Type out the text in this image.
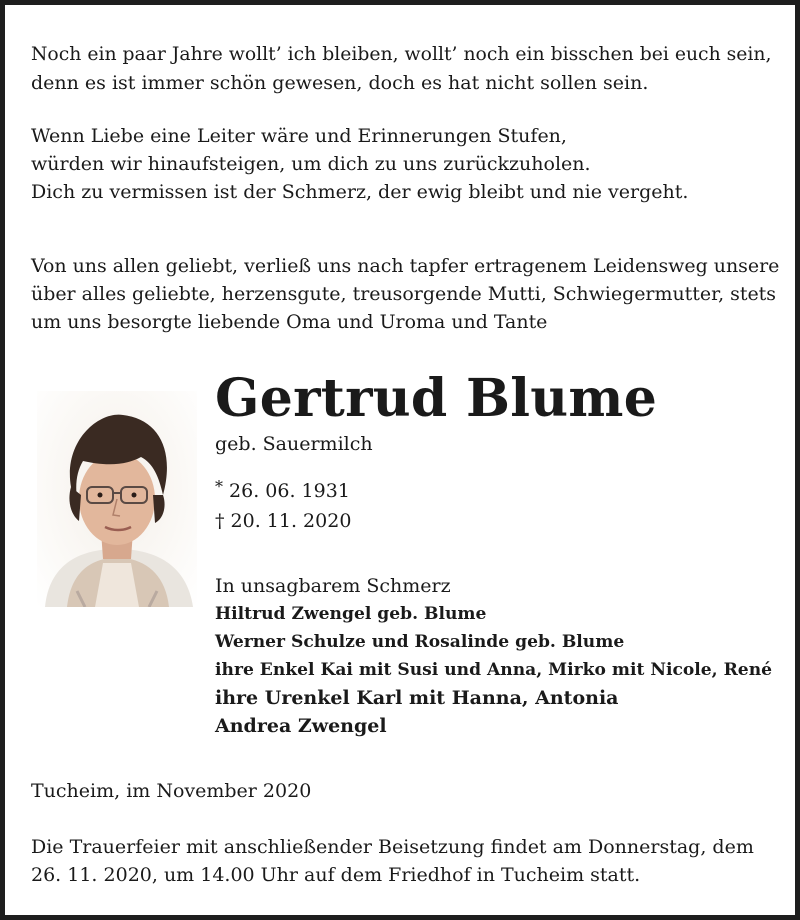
Noch ein paar Jahre wollt’ ich bleiben, wollt’ noch ein bisschen bei euch sein,
denn es ist immer schön gewesen, doch es hat nicht sollen sein.
Wenn Liebe eine Leiter wäre und Erinnerungen Stufen,
würden wir hinaufsteigen, um dich zu uns zurückzuholen.
Dich zu vermissen ist der Schmerz, der ewig bleibt und nie vergeht.
Von uns allen geliebt, verließ uns nach tapfer ertragenem Leidensweg unsere
über alles geliebte, herzensgute, treusorgende Mutti, Schwiegermutter, stets
um uns besorgte liebende Oma und Uroma und Tante
Gertrud Blume
geb. Sauermilch
* 26. 06. 1931
† 20. 11. 2020
In unsagbarem Schmerz
Hiltrud Zwengel geb. Blume
Werner Schulze und Rosalinde geb. Blume
ihre Enkel Kai mit Susi und Anna, Mirko mit Nicole, René
ihre Urenkel Karl mit Hanna, Antonia
Andrea Zwengel
Tucheim, im November 2020
Die Trauerfeier mit anschließender Beisetzung findet am Donnerstag, dem
26. 11. 2020, um 14.00 Uhr auf dem Friedhof in Tucheim statt.
